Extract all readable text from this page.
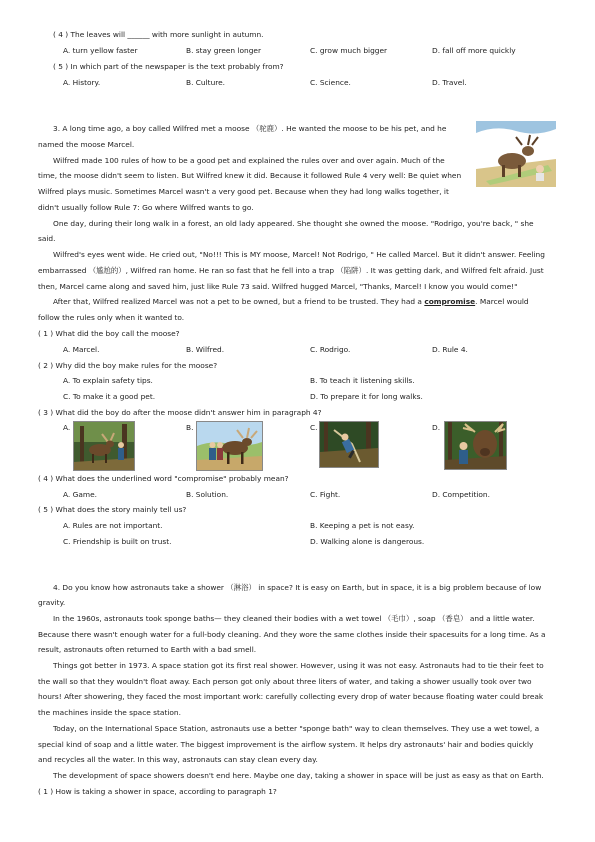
( 4 ) The leaves will ______ with more sunlight in autumn.
A. turn yellow faster	B. stay green longer	C. grow much bigger	D. fall off more quickly
( 5 ) In which part of the newspaper is the text probably from?
A. History.	B. Culture.	C. Science.	D. Travel.
3. A long time ago, a boy called Wilfred met a moose （驼鹿）. He wanted the moose to be his pet, and he
named the moose Marcel.
Wilfred made 100 rules of how to be a good pet and explained the rules over and over again. Much of the
time, the moose didn't seem to listen. But Wilfred knew it did. Because it followed Rule 4 very well: Be quiet when
Wilfred plays music. Sometimes Marcel wasn't a very good pet. Because when they had long walks together, it
didn't usually follow Rule 7: Go where Wilfred wants to go.
One day, during their long walk in a forest, an old lady appeared. She thought she owned the moose. "Rodrigo, you're back, " she
said.
Wilfred's eyes went wide. He cried out, "No!!! This is MY moose, Marcel! Not Rodrigo, " He called Marcel. But it didn't answer. Feeling
embarrassed （尴尬的）, Wilfred ran home. He ran so fast that he fell into a trap （陷阱）. It was getting dark, and Wilfred felt afraid. Just
then, Marcel came along and saved him, just like Rule 73 said. Wilfred hugged Marcel, "Thanks, Marcel! I know you would come!"
After that, Wilfred realized Marcel was not a pet to be owned, but a friend to be trusted. They had a compromise. Marcel would
follow the rules only when it wanted to.
( 1 ) What did the boy call the moose?
A. Marcel.	B. Wilfred.	C. Rodrigo.	D. Rule 4.
( 2 ) Why did the boy make rules for the moose?
A. To explain safety tips.	B. To teach it listening skills.
C. To make it a good pet.	D. To prepare it for long walks.
( 3 ) What did the boy do after the moose didn't answer him in paragraph 4?
A.	B.	C.	D.
( 4 ) What does the underlined word "compromise" probably mean?
A. Game.	B. Solution.	C. Fight.	D. Competition.
( 5 ) What does the story mainly tell us?
A. Rules are not important.	B. Keeping a pet is not easy.
C. Friendship is built on trust.	D. Walking alone is dangerous.
4. Do you know how astronauts take a shower （淋浴） in space? It is easy on Earth, but in space, it is a big problem because of low
gravity.
In the 1960s, astronauts took sponge baths— they cleaned their bodies with a wet towel （毛巾）, soap （香皂） and a little water.
Because there wasn't enough water for a full-body cleaning. And they wore the same clothes inside their spacesuits for a long time. As a
result, astronauts often returned to Earth with a bad smell.
Things got better in 1973. A space station got its first real shower. However, using it was not easy. Astronauts had to tie their feet to
the wall so that they wouldn't float away. Each person got only about three liters of water, and taking a shower usually took over two
hours! After showering, they faced the most important work: carefully collecting every drop of water because floating water could break
the machines inside the space station.
Today, on the International Space Station, astronauts use a better "sponge bath" way to clean themselves. They use a wet towel, a
special kind of soap and a little water. The biggest improvement is the airflow system. It helps dry astronauts' hair and bodies quickly
and recycles all the water. In this way, astronauts can stay clean every day.
The development of space showers doesn't end here. Maybe one day, taking a shower in space will be just as easy as that on Earth.
( 1 ) How is taking a shower in space, according to paragraph 1?
